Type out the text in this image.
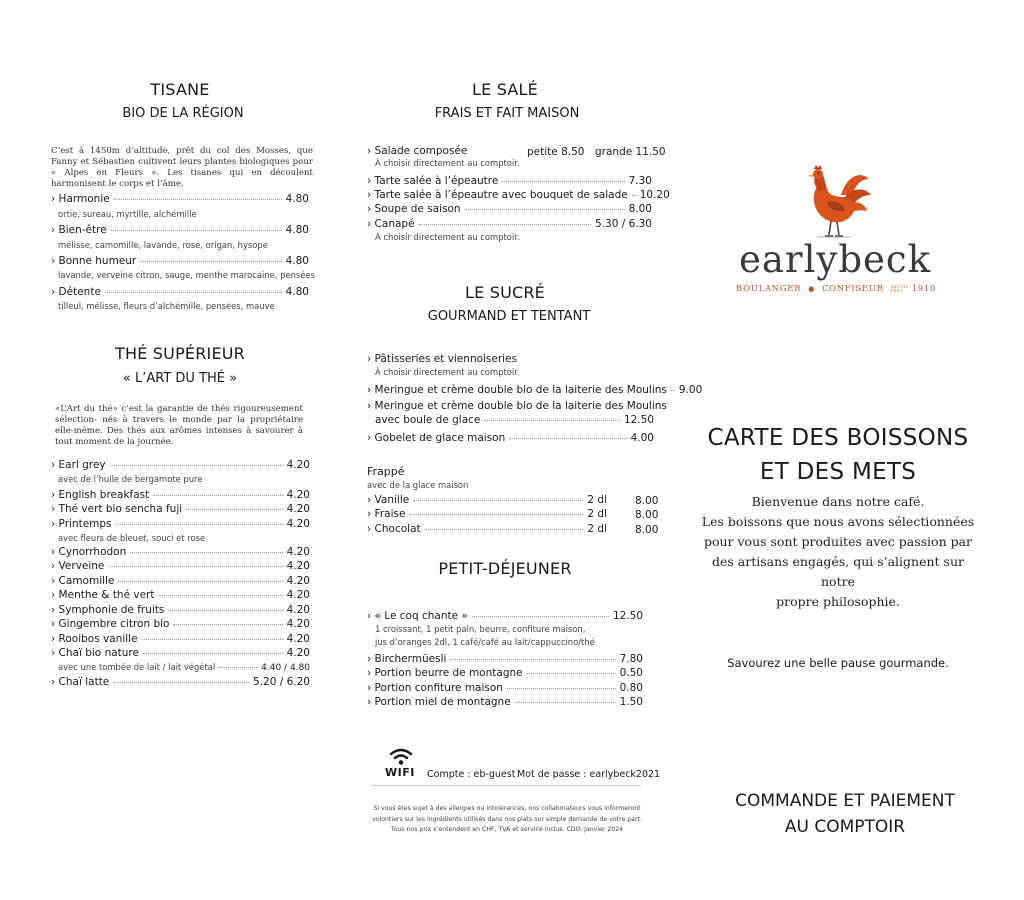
TISANE
BIO DE LA RÉGION
C’est à 1450m d’altitude, prêt du col des Mosses, que Fanny et Sébastien cultivent leurs plantes biologiques pour « Alpes en Fleurs ». Les tisanes qui en découlent harmonisent le corps et l’âme.
› Harmonie	4.80
ortie, sureau, myrtille, alchémille
› Bien-être	4.80
mélisse, camomille, lavande, rose, origan, hysope
› Bonne humeur	4.80
lavande, verveine citron, sauge, menthe marocaine, pensées
› Détente	4.80
tilleul, mélisse, fleurs d’alchémille, pensées, mauve
THÉ SUPÉRIEUR
« L’ART DU THÉ »
«L’Art du thé» c’est la garantie de thés rigoureusement sélection- nés à travers le monde par la propriétaire elle-même. Des thés aux arômes intenses à savourer à tout moment de la journée.
› Earl grey	4.20
avec de l’huile de bergamote pure
› English breakfast	4.20
› Thé vert bio sencha fuji	4.20
› Printemps	4.20
avec fleurs de bleuet, souci et rose
› Cynorrhodon	4.20
› Verveine	4.20
› Camomille	4.20
› Menthe & thé vert	4.20
› Symphonie de fruits	4.20
› Gingembre citron bio	4.20
› Rooibos vanille	4.20
› Chaï bio nature	4.20
avec une tombée de lait / lait végétal	4.40 / 4.80
› Chaï latte	5.20 / 6.20
LE SALÉ
FRAIS ET FAIT MAISON
› Salade composée	petite 8.50 grande 11.50
À choisir directement au comptoir.
› Tarte salée à l’épeautre	7.30
› Tarte salée à l’épeautre avec bouquet de salade 10.20
› Soupe de saison	8.00
› Canapé	5.30 / 6.30
À choisir directement au comptoir.
LE SUCRÉ
GOURMAND ET TENTANT
› Pâtisseries et viennoiseries
À choisir directement au comptoir.
› Meringue et crème double bio de la laiterie des Moulins 9.00
› Meringue et crème double bio de la laiterie des Moulins
avec boule de glace	12.50
› Gobelet de glace maison	4.00
Frappé
avec de la glace maison
› Vanille	2 dl	8.00
› Fraise	2 dl	8.00
› Chocolat	2 dl	8.00
PETIT-DÉJEUNER
› « Le coq chante »	12.50
1 croissant, 1 petit pain, beurre, confiture maison,
jus d’oranges 2dl, 1 café/café au lait/cappuccino/thé
› Birchermüesli	7.80
› Portion beurre de montagne	0.50
› Portion confiture maison	0.80
› Portion miel de montagne	1.50
WIFI Compte : eb-guest Mot de passe : earlybeck2021
Si vous êtes sujet à des allergies ou intolérances, nos collaborateurs vous informeront
volontiers sur les ingrédients utilisés dans nos plats sur simple demande de votre part.
Tous nos prix s’entendent en CHF, TVA et service inclus. CDO. Janvier 2024
earlybeck
BOULANGER ● CONFISEUR DEPUIS PRÈS 1910
CARTE DES BOISSONS
ET DES METS
Bienvenue dans notre café.
Les boissons que nous avons sélectionnées
pour vous sont produites avec passion par
des artisans engagés, qui s’alignent sur notre
propre philosophie.
Savourez une belle pause gourmande.
COMMANDE ET PAIEMENT
AU COMPTOIR
